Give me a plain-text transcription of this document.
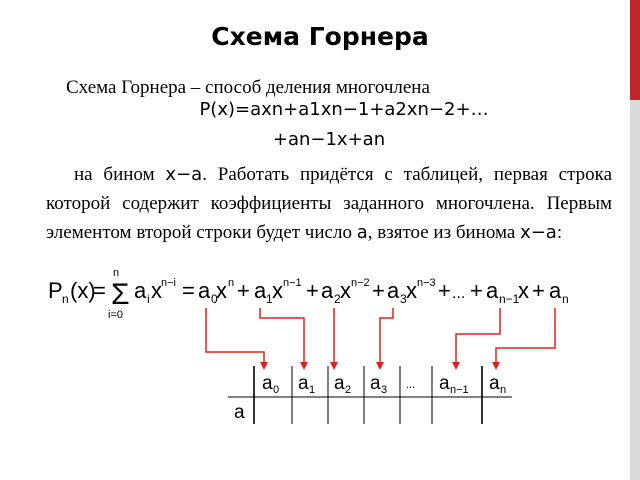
Схема Горнера
Схема Горнера – способ деления многочлена
P(x)=axn+a1xn−1+a2xn−2+…
+an−1x+an
на бином x−a. Работать придётся с таблицей, первая строка которой содержит коэффициенты заданного многочлена. Первым элементом второй строки будет число a, взятое из бинома x−a:
P n (x)
=
n
Σ
i=0
a i x n−i = a 0
x n + a 1 x n−1 + a 2 x n−2 + a 3 x n−3 + ... + a n−1
x + a n
a 0 a 1 a 2 a 3 ... a n−1 a n
a
